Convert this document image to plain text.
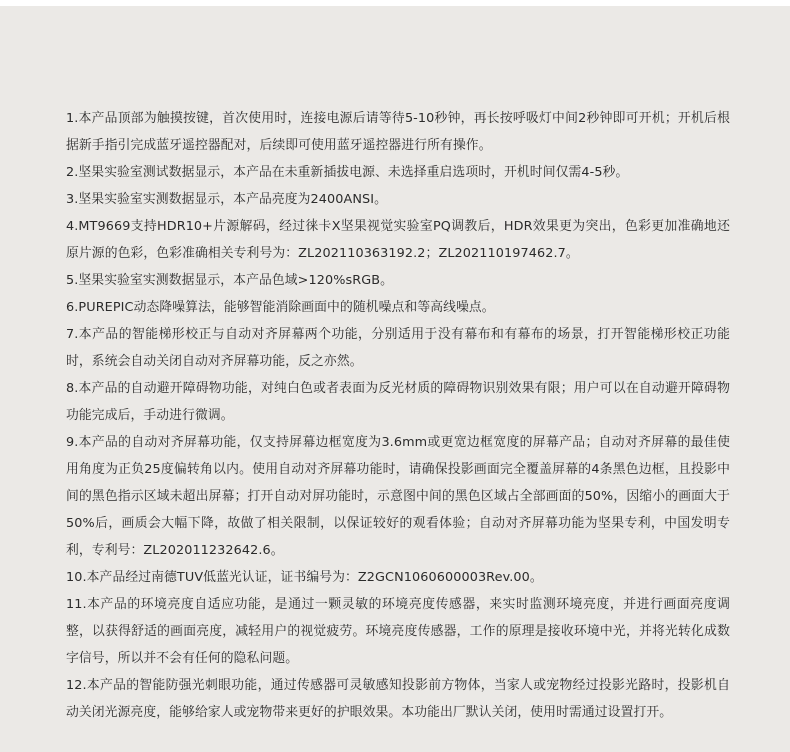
1.本产品顶部为触摸按键，首次使用时，连接电源后请等待5-10秒钟，再长按呼吸灯中间2秒钟即可开机；开机后根据新手指引完成蓝牙遥控器配对，后续即可使用蓝牙遥控器进行所有操作。
2.坚果实验室测试数据显示，本产品在未重新插拔电源、未选择重启选项时，开机时间仅需4-5秒。
3.坚果实验室实测数据显示，本产品亮度为2400ANSI。
4.MT9669支持HDR10+片源解码，经过徕卡X坚果视觉实验室PQ调教后，HDR效果更为突出，色彩更加准确地还原片源的色彩，色彩准确相关专利号为：ZL202110363192.2；ZL202110197462.7。
5.坚果实验室实测数据显示，本产品色域>120%sRGB。
6.PUREPIC动态降噪算法，能够智能消除画面中的随机噪点和等高线噪点。
7.本产品的智能梯形校正与自动对齐屏幕两个功能，分别适用于没有幕布和有幕布的场景，打开智能梯形校正功能时，系统会自动关闭自动对齐屏幕功能，反之亦然。
8.本产品的自动避开障碍物功能，对纯白色或者表面为反光材质的障碍物识别效果有限；用户可以在自动避开障碍物功能完成后，手动进行微调。
9.本产品的自动对齐屏幕功能，仅支持屏幕边框宽度为3.6mm或更宽边框宽度的屏幕产品；自动对齐屏幕的最佳使用角度为正负25度偏转角以内。使用自动对齐屏幕功能时，请确保投影画面完全覆盖屏幕的4条黑色边框，且投影中间的黑色指示区域未超出屏幕；打开自动对屏功能时，示意图中间的黑色区域占全部画面的50%，因缩小的画面大于50%后，画质会大幅下降，故做了相关限制，以保证较好的观看体验；自动对齐屏幕功能为坚果专利，中国发明专利，专利号：ZL202011232642.6。
10.本产品经过南德TUV低蓝光认证，证书编号为：Z2GCN1060600003Rev.00。
11.本产品的环境亮度自适应功能，是通过一颗灵敏的环境亮度传感器，来实时监测环境亮度，并进行画面亮度调整，以获得舒适的画面亮度，减轻用户的视觉疲劳。环境亮度传感器，工作的原理是接收环境中光，并将光转化成数字信号，所以并不会有任何的隐私问题。
12.本产品的智能防强光刺眼功能，通过传感器可灵敏感知投影前方物体，当家人或宠物经过投影光路时，投影机自动关闭光源亮度，能够给家人或宠物带来更好的护眼效果。本功能出厂默认关闭，使用时需通过设置打开。
